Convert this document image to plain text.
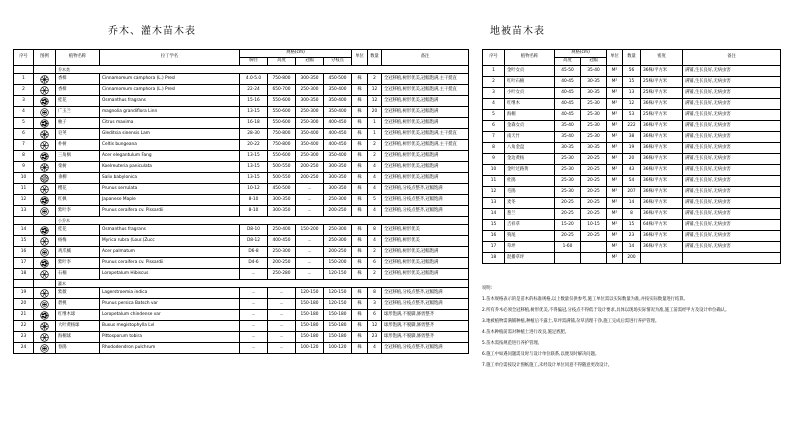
乔木、灌木苗木表	地被苗木表
序号	图例	植物名称	拉丁学名	规格(cm)				单位	数量	备注
				胸径	高度	冠幅	分枝点			
		乔木类								
1		香樟	Cinnamomum camphora (L.) Presl	4.0-5.0	750-800	300-350	450-500	株	2	全冠移植,树形优美,冠幅饱满,主干挺直
2		香樟	Cinnamomum camphora (L.) Presl	22-24	650-700	250-300	350-400	株	12	全冠移植,树形优美,冠幅饱满,主干挺直
3		桂花	Osmanthus fragrans	15-16	550-600	300-350	350-400	株	12	全冠移植,树形优美,冠幅饱满
4		广玉兰	magnolia grandiflora Linn	13-15	550-600	250-300	350-400	株	20	全冠移植,树形优美,冠幅饱满
5		柚子	Citrus maxima	16-18	550-600	250-300	400-450	株	1	全冠移植,树形优美,冠幅饱满
6		皂荚	Gleditsia sinensis Lam	28-30	750-800	350-400	400-450	株	1	全冠移植,树形优美,冠幅饱满,主干挺直
7		朴树	Celtis bungeana	20-22	750-800	350-400	400-450	株	2	全冠移植,树形优美,冠幅饱满,主干挺直
8		三角枫	Acer elegantulum Fang	13-15	550-600	250-300	350-400	株	2	全冠移植,树形优美,冠幅饱满
9		栾树	Koelreuteria paniculata	13-15	500-550	200-250	300-350	株	4	全冠移植,树形优美,冠幅饱满
10		垂柳	Salix babylonica	13-15	500-550	200-250	300-350	株	4	全冠移植,树形优美,冠幅饱满
11		樱花	Prunus serrulata	10-12	450-500	...	300-350	株	4	全冠移植,分枝点整齐,冠幅饱满
12		红枫	Japanese Maple	8-10	300-350	...	250-300	株	5	全冠移植,分枝点整齐,冠幅饱满
13		紫叶李	Prunus ceraifera cv. Pissardii	8-10	300-350	...	200-250	株	4	全冠移植,分枝点整齐,冠幅饱满
		小乔木								
14		桂花	Osmanthus fragrans	D8-10	250-400	150-200	250-300	株	8	全冠移植,树形优美
15		杨梅	Myrica rubra (Lour.)Zucc	D8-12	400-450	...	250-300	株	4	全冠移植,树形优美
16		鸡爪槭	Acer palmatum	D6-8	250-300	...	200-250	株	2	全冠移植,树形优美,冠幅饱满
17		紫叶李	Prunus ceraifera cv. Pissardii	D4-6	200-250	...	150-200	株	6	全冠移植,树形优美,冠幅饱满
18		石楠	Loropetalum Hibiscus	...	250-280	...	120-150	株	2	全冠移植,树形优美,冠幅饱满
		灌木								
19		紫薇	Lagerstroemia indica	...	...	120-150	120-150	株	8	全冠移植,分枝点整齐,冠幅饱满
20		碧桃	Prunus persica Batsch var	...	...	150-180	120-150	株	3	全冠移植,分枝点整齐,冠幅饱满
21		红继木球	Loropetalum chindense var	...	...	150-180	150-180	株	6	球形饱满,不脱脚,修剪整齐
22		大叶黄杨球	Buxus megistophylla Lvl	...	...	150-180	150-180	株	12	球形饱满,不脱脚,修剪整齐
23		海桐球	Pittosporum tobira	...	...	150-180	150-180	株	23	球形饱满,不脱脚,修剪整齐
24		春鹃	Rhododendron pulchrum	...	...	100-120	100-120	株	4	全冠移植,分枝点整齐,冠幅饱满
序号	植物名称	规格(cm)		单位	数量	密度	备注
		高度	冠幅				
1	金叶女贞	45-50	35-40	M²	56	36株/平方米	满铺,生长良好,无病虫害
2	红叶石楠	40-45	30-35	M²	15	25株/平方米	满铺,生长良好,无病虫害
3	小叶女贞	40-45	30-35	M²	13	25株/平方米	满铺,生长良好,无病虫害
4	红继木	40-45	25-30	M²	12	36株/平方米	满铺,生长良好,无病虫害
5	海桐	40-45	25-30	M²	53	25株/平方米	满铺,生长良好,无病虫害
6	金森女贞	35-40	25-30	M²	222	36株/平方米	满铺,生长良好,无病虫害
7	南天竹	35-40	25-30	M²	38	36株/平方米	满铺,生长良好,无病虫害
8	八角金盘	30-35	30-35	M²	19	36株/平方米	满铺,生长良好,无病虫害
9	金边黄杨	25-30	20-25	M²	20	36株/平方米	满铺,生长良好,无病虫害
10	金叶过路黄	25-30	20-25	M²	43	36株/平方米	满铺,生长良好,无病虫害
11	杜鹃	25-30	20-25	M²	54	36株/平方米	满铺,生长良好,无病虫害
12	毛鹃	25-30	20-25	M²	207	36株/平方米	满铺,生长良好,无病虫害
13	麦冬	20-25	20-25	M²	14	36株/平方米	满铺,生长良好,无病虫害
14	葱兰	20-25	20-25	M²	8	36株/平方米	满铺,生长良好,无病虫害
15	吉祥草	15-20	10-15	M²	15	64株/平方米	满铺,生长良好,无病虫害
16	狗尾	20-25	20-25	M²	23	36株/平方米	满铺,生长良好,无病虫害
17	草坪	1-60		M²	14	36株/平方米	满铺,生长良好,无病虫害
18	混播草坪			M²	200		
说明:
1.苗木规格表示的是苗木的标准规格,以上数量仅供参考,施工单位需以实际数量为准,并按实际数量进行结算。
2.所有乔木必须全冠移植,树形优美,不得偏冠,分枝点不得低于设计要求,具体以现场实际情况为准,施工前需经甲方及设计单位确认。
3.地被植物需满铺种植,种植后不露土,草坪需满铺,杂草清理干净,施工完成后需进行养护管理。
4.苗木种植前需对种植土进行改良,施足底肥。
5.苗木需按规范进行养护管理。
6.施工中如遇问题需及时与设计单位联系,以便及时解决问题。
7.施工单位需按设计图纸施工,未经设计单位同意不得随意更改设计。
